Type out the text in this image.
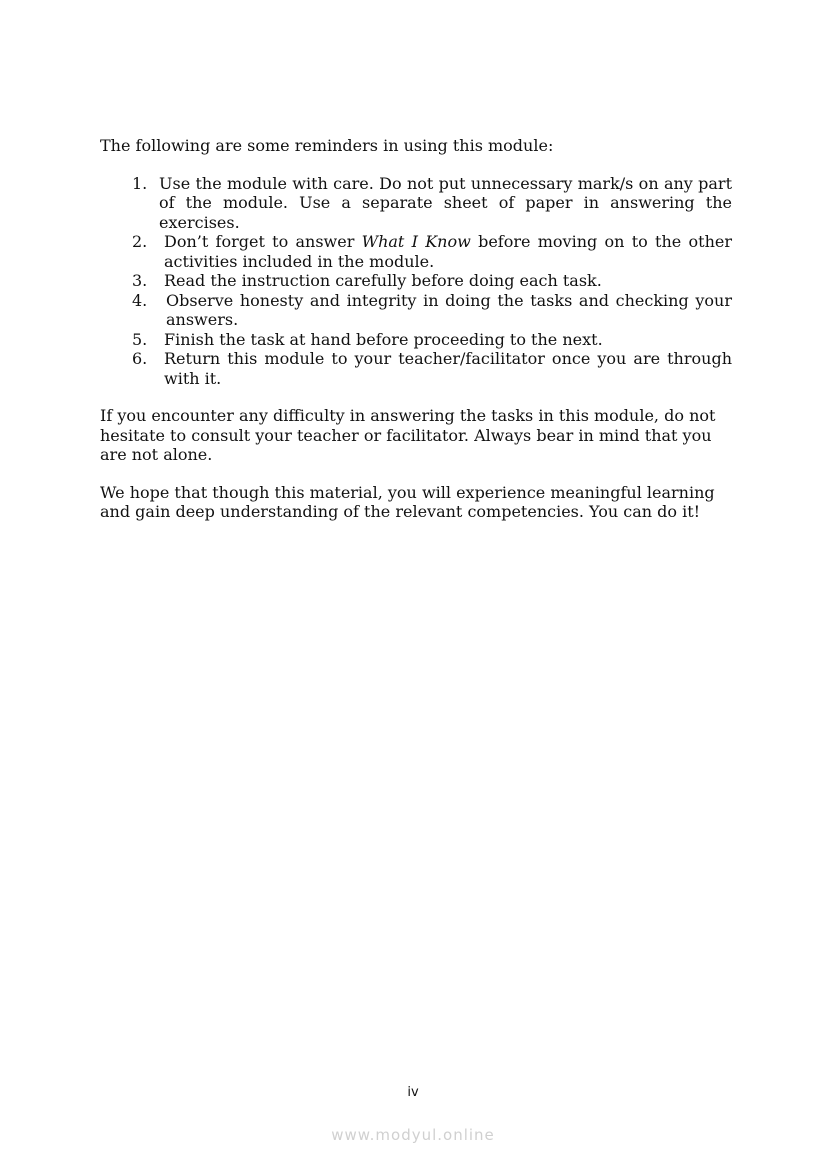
The following are some reminders in using this module:

1. Use the module with care. Do not put unnecessary mark/s on any part of the module. Use a separate sheet of paper in answering the exercises.
2. Don’t forget to answer What I Know before moving on to the other activities included in the module.
3. Read the instruction carefully before doing each task.
4. Observe honesty and integrity in doing the tasks and checking your answers.
5. Finish the task at hand before proceeding to the next.
6. Return this module to your teacher/facilitator once you are through with it.

If you encounter any difficulty in answering the tasks in this module, do not hesitate to consult your teacher or facilitator. Always bear in mind that you are not alone.

We hope that though this material, you will experience meaningful learning and gain deep understanding of the relevant competencies. You can do it!

iv
www.modyul.online
